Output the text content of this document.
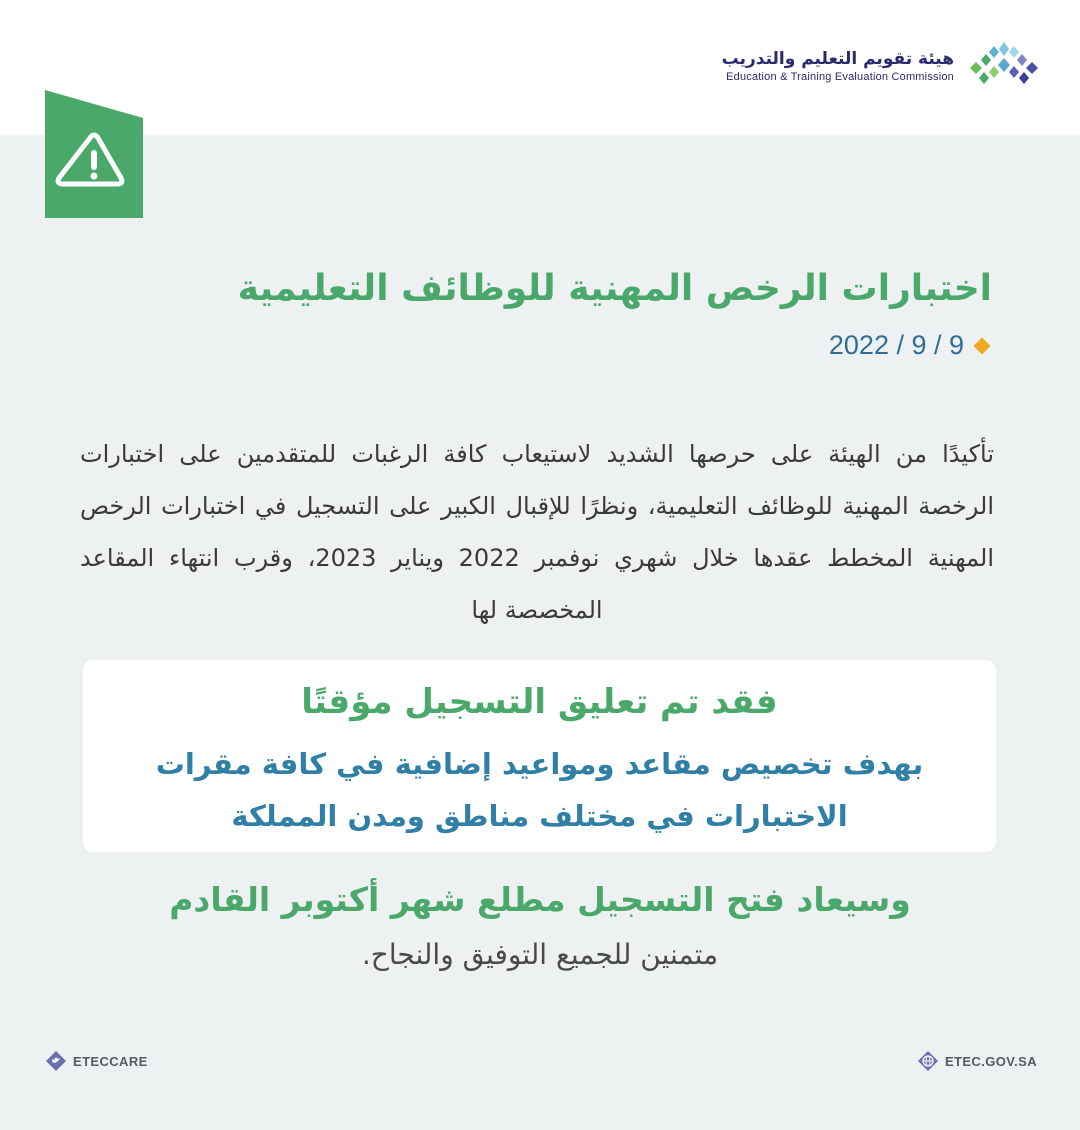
هيئة تقويم التعليم والتدريب
Education & Training Evaluation Commission
اختبارات الرخص المهنية للوظائف التعليمية
2022 / 9 / 9
تأكيدًا من الهيئة على حرصها الشديد لاستيعاب كافة الرغبات للمتقدمين على اختبارات الرخصة المهنية للوظائف التعليمية، ونظرًا للإقبال الكبير على التسجيل في اختبارات الرخص المهنية المخطط عقدها خلال شهري نوفمبر 2022 ويناير 2023، وقرب انتهاء المقاعد المخصصة لها
فقد تم تعليق التسجيل مؤقتًا
بهدف تخصيص مقاعد ومواعيد إضافية في كافة مقرات الاختبارات في مختلف مناطق ومدن المملكة
وسيعاد فتح التسجيل مطلع شهر أكتوبر القادم
متمنين للجميع التوفيق والنجاح.
ETECCARE	ETEC.GOV.SA
